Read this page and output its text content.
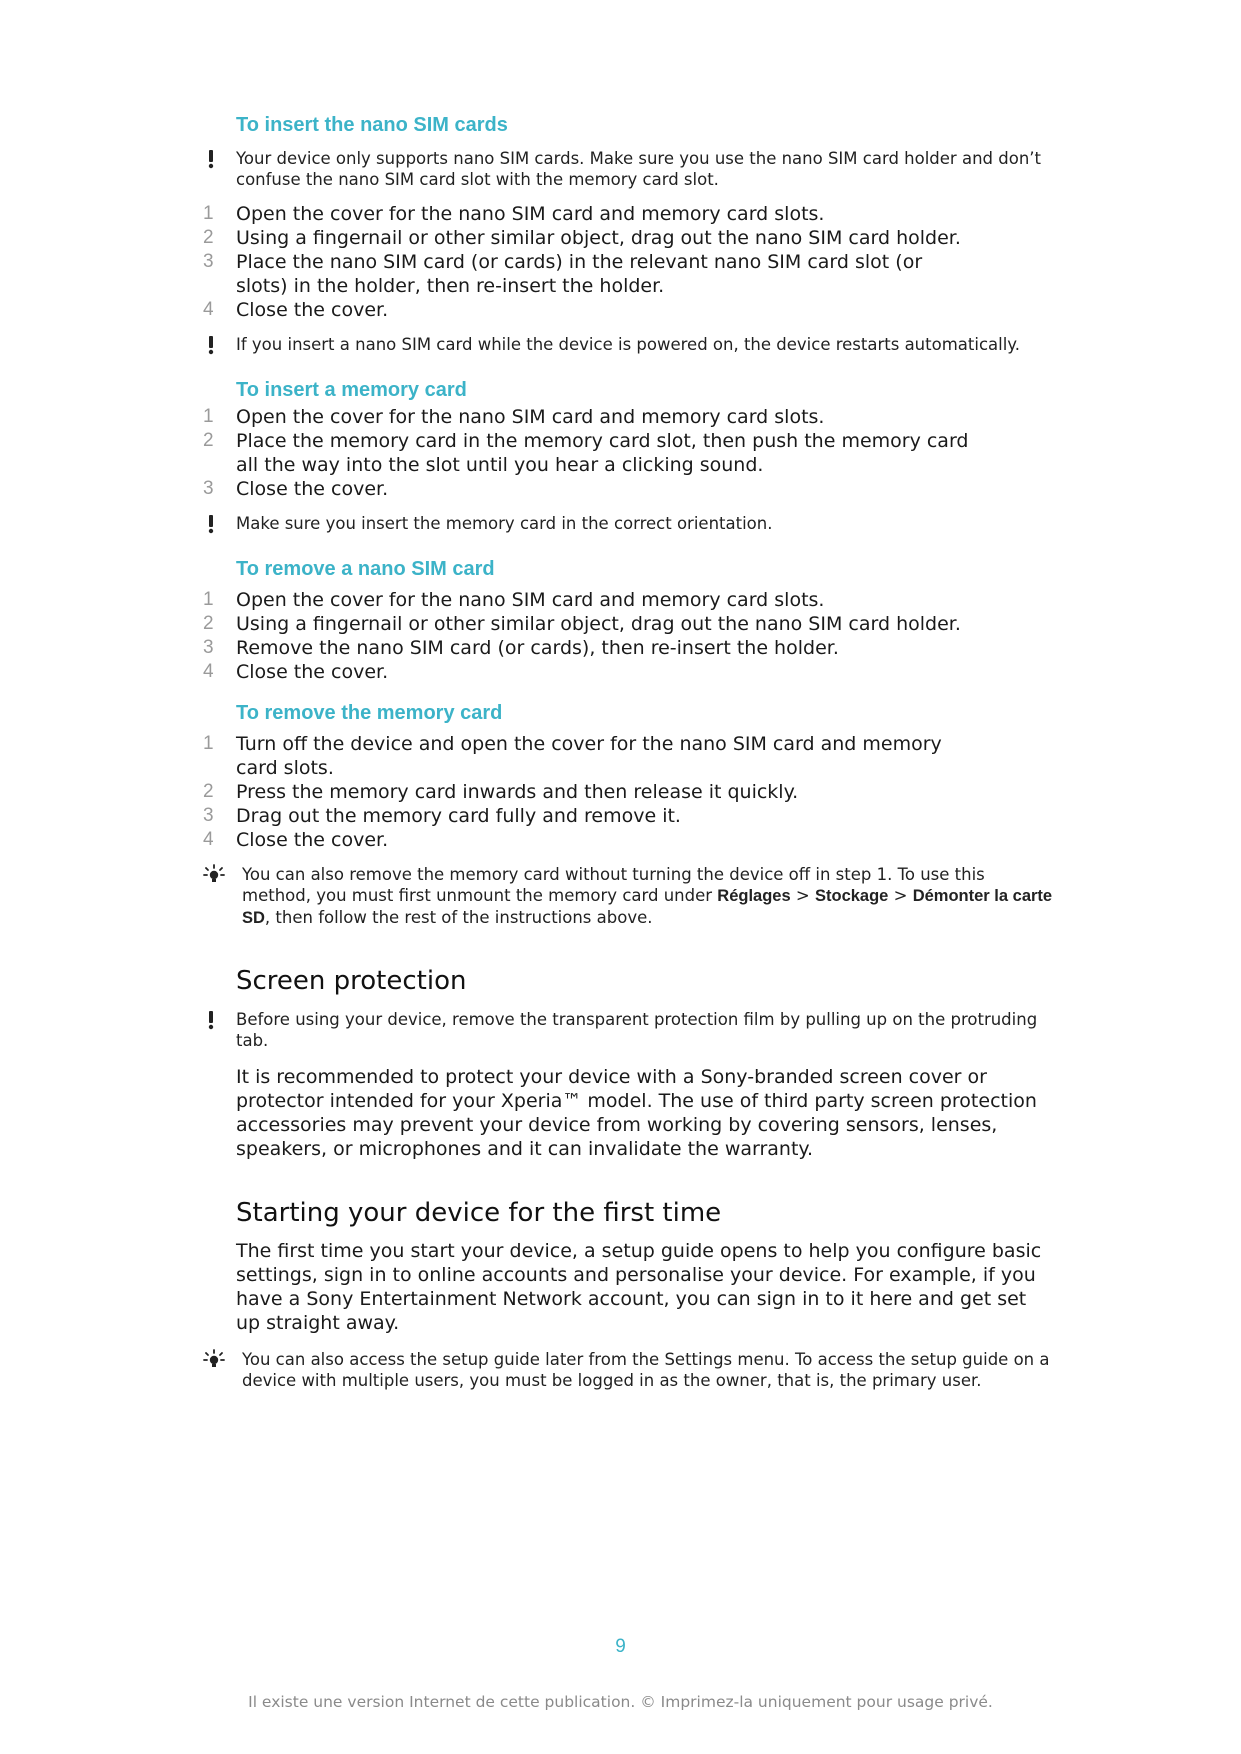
To insert the nano SIM cards
Your device only supports nano SIM cards. Make sure you use the nano SIM card holder and don’t confuse the nano SIM card slot with the memory card slot.
1 Open the cover for the nano SIM card and memory card slots.
2 Using a fingernail or other similar object, drag out the nano SIM card holder.
3 Place the nano SIM card (or cards) in the relevant nano SIM card slot (or slots) in the holder, then re-insert the holder.
4 Close the cover.
If you insert a nano SIM card while the device is powered on, the device restarts automatically.
To insert a memory card
1 Open the cover for the nano SIM card and memory card slots.
2 Place the memory card in the memory card slot, then push the memory card all the way into the slot until you hear a clicking sound.
3 Close the cover.
Make sure you insert the memory card in the correct orientation.
To remove a nano SIM card
1 Open the cover for the nano SIM card and memory card slots.
2 Using a fingernail or other similar object, drag out the nano SIM card holder.
3 Remove the nano SIM card (or cards), then re-insert the holder.
4 Close the cover.
To remove the memory card
1 Turn off the device and open the cover for the nano SIM card and memory card slots.
2 Press the memory card inwards and then release it quickly.
3 Drag out the memory card fully and remove it.
4 Close the cover.
You can also remove the memory card without turning the device off in step 1. To use this method, you must first unmount the memory card under Réglages > Stockage > Démonter la carte SD, then follow the rest of the instructions above.
Screen protection
Before using your device, remove the transparent protection film by pulling up on the protruding tab.

It is recommended to protect your device with a Sony-branded screen cover or protector intended for your Xperia™ model. The use of third party screen protection accessories may prevent your device from working by covering sensors, lenses, speakers, or microphones and it can invalidate the warranty.

Starting your device for the first time

The first time you start your device, a setup guide opens to help you configure basic settings, sign in to online accounts and personalise your device. For example, if you have a Sony Entertainment Network account, you can sign in to it here and get set up straight away.

You can also access the setup guide later from the Settings menu. To access the setup guide on a device with multiple users, you must be logged in as the owner, that is, the primary user.
9
Il existe une version Internet de cette publication. © Imprimez-la uniquement pour usage privé.
